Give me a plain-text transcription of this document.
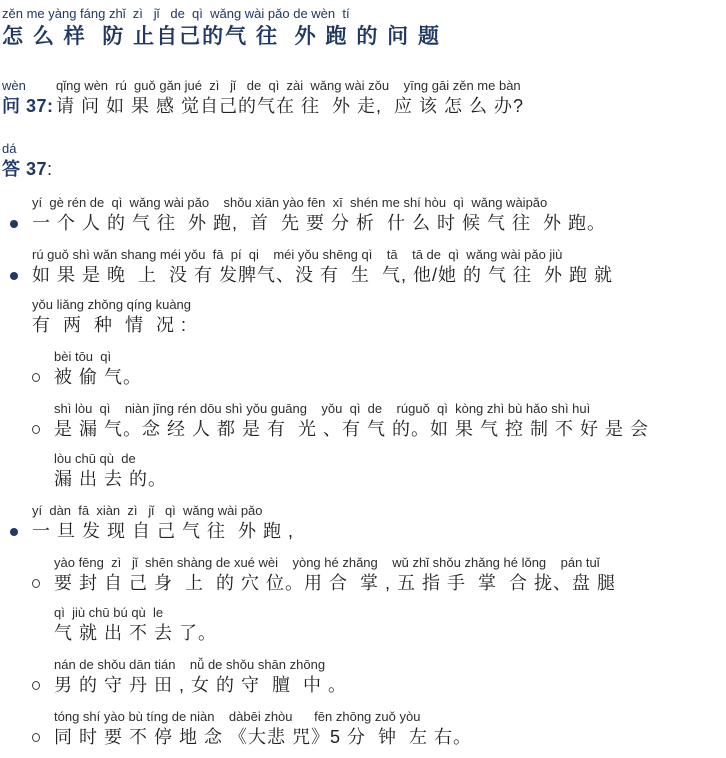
zěn me yàng fáng zhǐ  zì   jǐ   de  qì  wǎng wài pǎo de wèn  tí
怎 么 样  防 止自己的气 往  外 跑 的 问 题
wèn	qǐng wèn  rú  guǒ gǎn jué  zì   jǐ   de  qì  zài  wǎng wài zǒu    yīng gāi zěn me bàn
问 37: 请 问 如 果 感 觉自己的气在 往  外 走,  应 该 怎 么 办?
dá
答 37:
yí  gè rén de  qì  wǎng wài pǎo    shǒu xiān yào fēn  xī  shén me shí hòu  qì  wǎng wàipǎo
一 个 人 的 气 往  外 跑,  首  先 要 分 析  什 么 时 候 气 往  外 跑。
rú guǒ shì wǎn shang méi yǒu  fā  pí  qi    méi yǒu shēng qì    tā    tā de  qì  wǎng wài pǎo jiù
如 果 是 晚  上  没 有 发脾气、没 有  生  气, 他/她 的 气 往  外 跑 就
yǒu liǎng zhǒng qíng kuàng
有  两  种  情  况 :
bèi tōu  qì
被 偷 气。
shì lòu  qì    niàn jīng rén dōu shì yǒu guāng    yǒu  qì  de    rúguǒ  qì  kòng zhì bù hǎo shì huì
是 漏 气。念 经 人 都 是 有  光 、有 气 的。如 果 气 控 制 不 好 是 会
lòu chū qù  de
漏 出 去 的。
yí  dàn  fā  xiàn  zì   jǐ   qì  wǎng wài pǎo
一 旦 发 现 自 己 气 往  外 跑 ,
yào fēng  zì   jǐ  shēn shàng de xué wèi    yòng hé zhǎng    wǔ zhǐ shǒu zhǎng hé lǒng    pán tuǐ
要 封 自 己 身  上  的 穴 位。用 合  掌 , 五 指 手  掌  合 拢、盘 腿
qì  jiù chū bú qù  le
气 就 出 不 去 了。
nán de shǒu dān tián    nǚ de shǒu shān zhōng
男 的 守 丹 田 , 女 的 守  膻  中 。
tóng shí yào bù tíng de niàn    dàbēi zhòu      fēn zhōng zuǒ yòu
同 时 要 不 停 地 念 《大悲 咒》5 分  钟  左 右。
